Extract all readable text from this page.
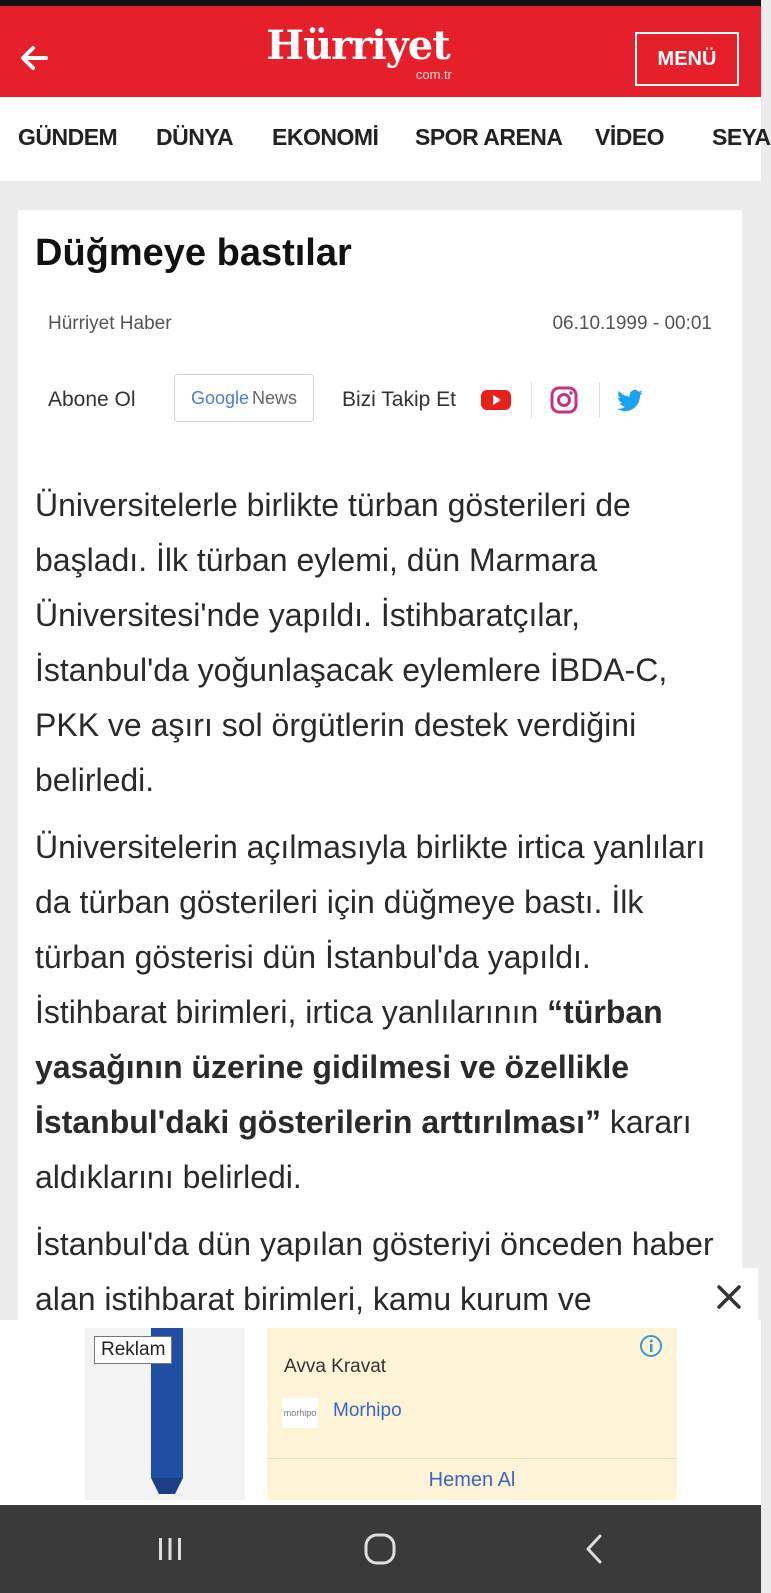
Hürriyet
com.tr
MENÜ
GÜNDEM DÜNYA EKONOMİ SPOR ARENA VİDEO SEYA
Düğmeye bastılar
Hürriyet Haber	06.10.1999 - 00:01
Abone Ol	Google News	Bizi Takip Et

Üniversitelerle birlikte türban gösterileri de başladı. İlk türban eylemi, dün Marmara Üniversitesi'nde yapıldı. İstihbaratçılar, İstanbul'da yoğunlaşacak eylemlere İBDA-C, PKK ve aşırı sol örgütlerin destek verdiğini belirledi.

Üniversitelerin açılmasıyla birlikte irtica yanlıları da türban gösterileri için düğmeye bastı. İlk türban gösterisi dün İstanbul'da yapıldı. İstihbarat birimleri, irtica yanlılarının “türban yasağının üzerine gidilmesi ve özellikle İstanbul'daki gösterilerin arttırılması” kararı aldıklarını belirledi.

İstanbul'da dün yapılan gösteriyi önceden haber alan istihbarat birimleri, kamu kurum ve

Reklam
Avva Kravat
morhipo Morhipo
Hemen Al
